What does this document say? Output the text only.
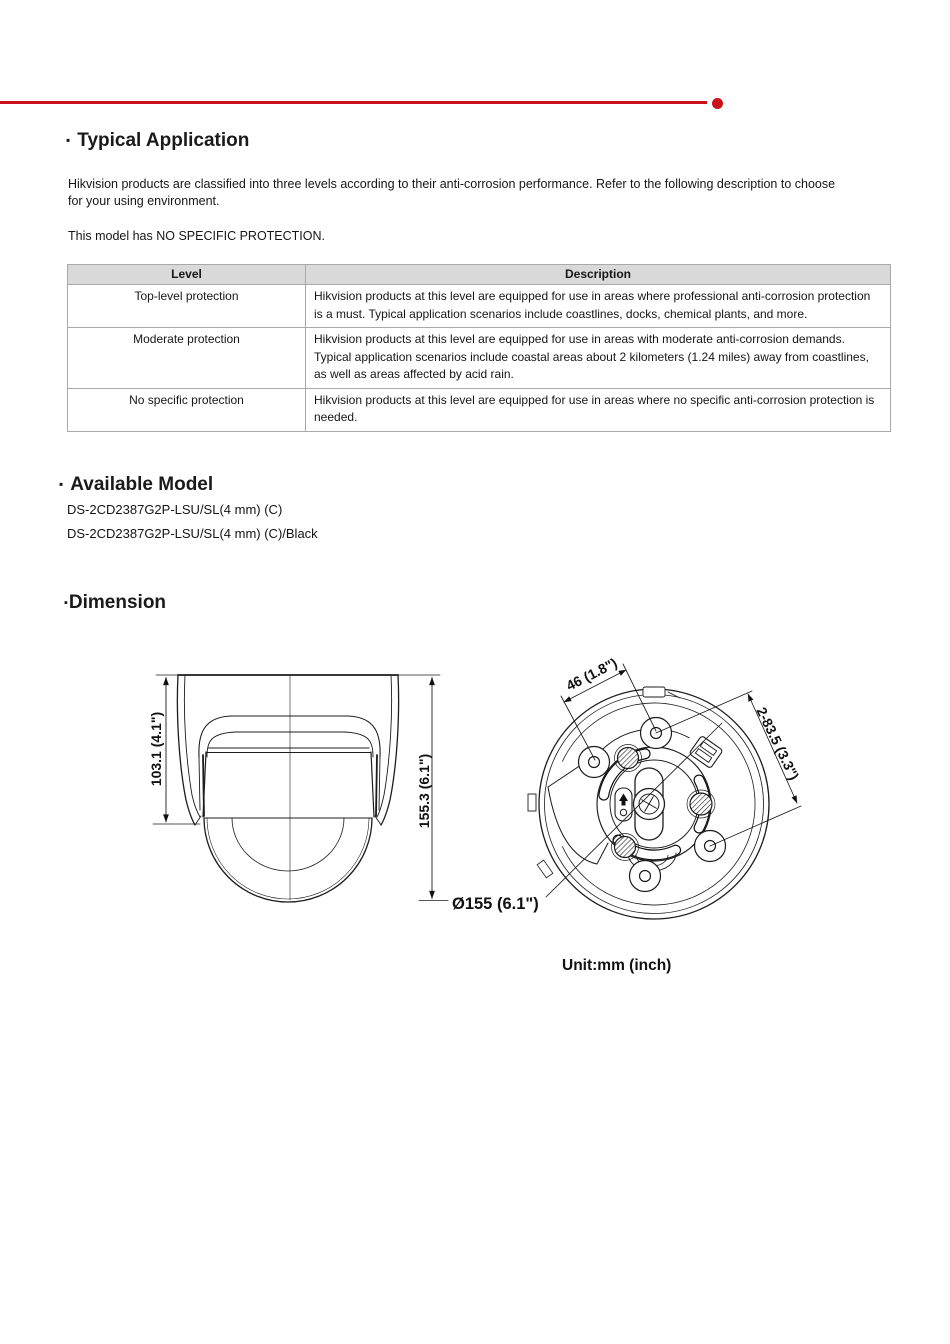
▪ Typical Application
Hikvision products are classified into three levels according to their anti-corrosion performance. Refer to the following description to choose for your using environment.
This model has NO SPECIFIC PROTECTION.
Level	Description
Top-level protection	Hikvision products at this level are equipped for use in areas where professional anti-corrosion protection is a must. Typical application scenarios include coastlines, docks, chemical plants, and more.
Moderate protection	Hikvision products at this level are equipped for use in areas with moderate anti-corrosion demands. Typical application scenarios include coastal areas about 2 kilometers (1.24 miles) away from coastlines, as well as areas affected by acid rain.
No specific protection	Hikvision products at this level are equipped for use in areas where no specific anti-corrosion protection is needed.
▪ Available Model
DS-2CD2387G2P-LSU/SL(4 mm) (C)
DS-2CD2387G2P-LSU/SL(4 mm) (C)/Black
▪Dimension
103.1 (4.1")
155.3 (6.1")
46 (1.8")
2-83.5 (3.3")
Ø155 (6.1")
Unit:mm (inch)
